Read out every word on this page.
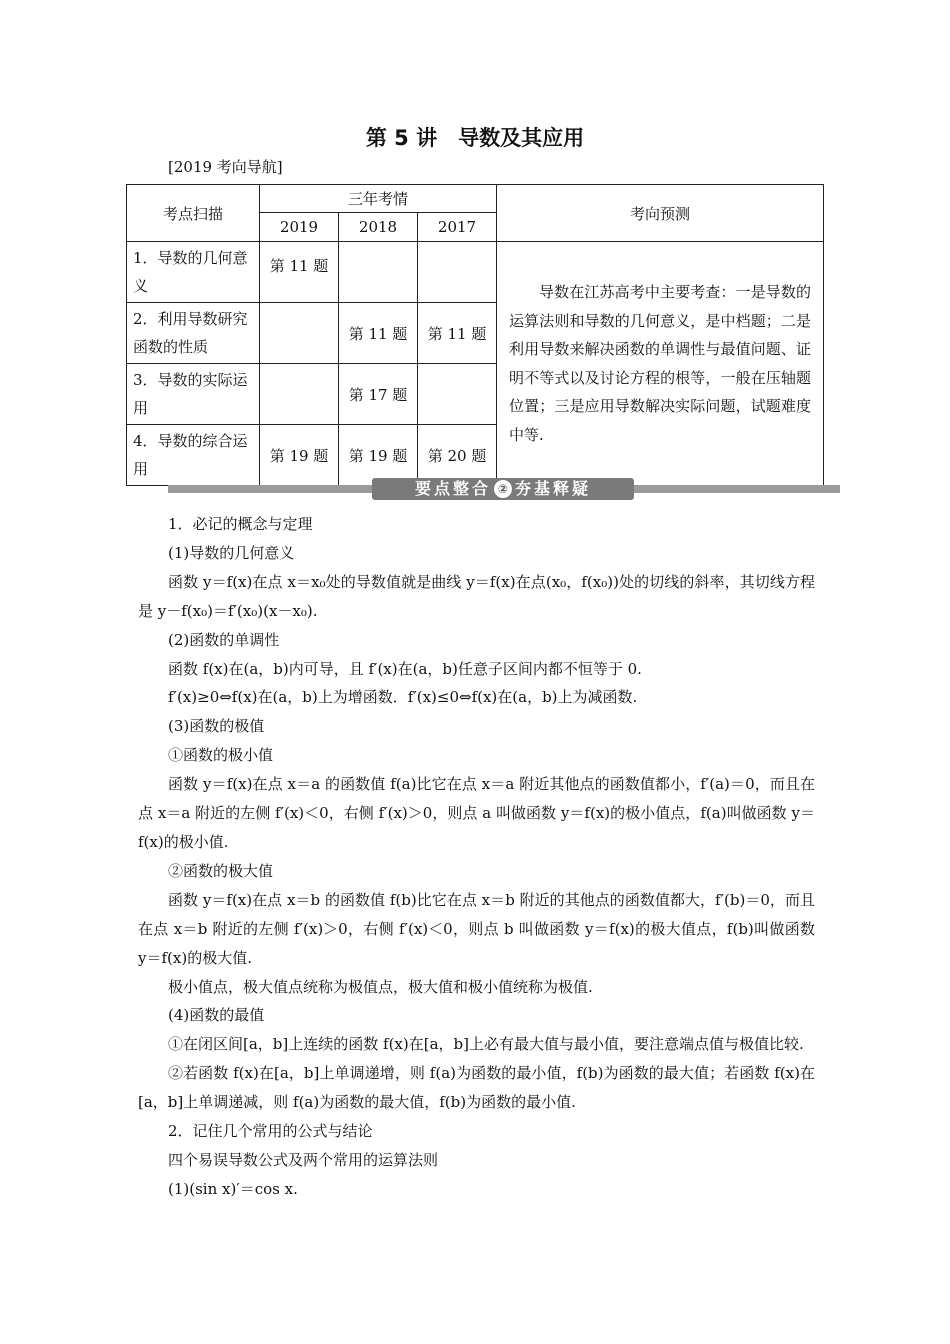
第 5 讲　导数及其应用
[2019 考向导航]
考点扫描	三年考情			考向预测
	2019	2018	2017	
1．导数的几何意义	第 11 题			导数在江苏高考中主要考查：一是导数的运算法则和导数的几何意义，是中档题；二是利用导数来解决函数的单调性与最值问题、证明不等式以及讨论方程的根等，一般在压轴题位置；三是应用导数解决实际问题，试题难度中等.
2．利用导数研究函数的性质		第 11 题	第 11 题	
3．导数的实际运用		第 17 题		
4．导数的综合运用	第 19 题	第 19 题	第 20 题	
要点整合 ② 夯基释疑

1．必记的概念与定理

(1)导数的几何意义

函数 y＝f(x)在点 x＝x₀处的导数值就是曲线 y＝f(x)在点(x₀，f(x₀))处的切线的斜率，其切线方程是 y－f(x₀)＝f′(x₀)(x－x₀).

(2)函数的单调性

函数 f(x)在(a，b)内可导，且 f′(x)在(a，b)任意子区间内都不恒等于 0.

f′(x)≥0⇔f(x)在(a，b)上为增函数．f′(x)≤0⇔f(x)在(a，b)上为减函数.

(3)函数的极值

①函数的极小值

函数 y＝f(x)在点 x＝a 的函数值 f(a)比它在点 x＝a 附近其他点的函数值都小，f′(a)＝0，而且在点 x＝a 附近的左侧 f′(x)＜0，右侧 f′(x)＞0，则点 a 叫做函数 y＝f(x)的极小值点，f(a)叫做函数 y＝f(x)的极小值.

②函数的极大值

函数 y＝f(x)在点 x＝b 的函数值 f(b)比它在点 x＝b 附近的其他点的函数值都大，f′(b)＝0，而且在点 x＝b 附近的左侧 f′(x)＞0，右侧 f′(x)＜0，则点 b 叫做函数 y＝f(x)的极大值点，f(b)叫做函数 y＝f(x)的极大值.

极小值点，极大值点统称为极值点，极大值和极小值统称为极值.

(4)函数的最值

①在闭区间[a，b]上连续的函数 f(x)在[a，b]上必有最大值与最小值，要注意端点值与极值比较.

②若函数 f(x)在[a，b]上单调递增，则 f(a)为函数的最小值，f(b)为函数的最大值；若函数 f(x)在[a，b]上单调递减，则 f(a)为函数的最大值，f(b)为函数的最小值.

2．记住几个常用的公式与结论

四个易误导数公式及两个常用的运算法则

(1)(sin x)′＝cos x.
